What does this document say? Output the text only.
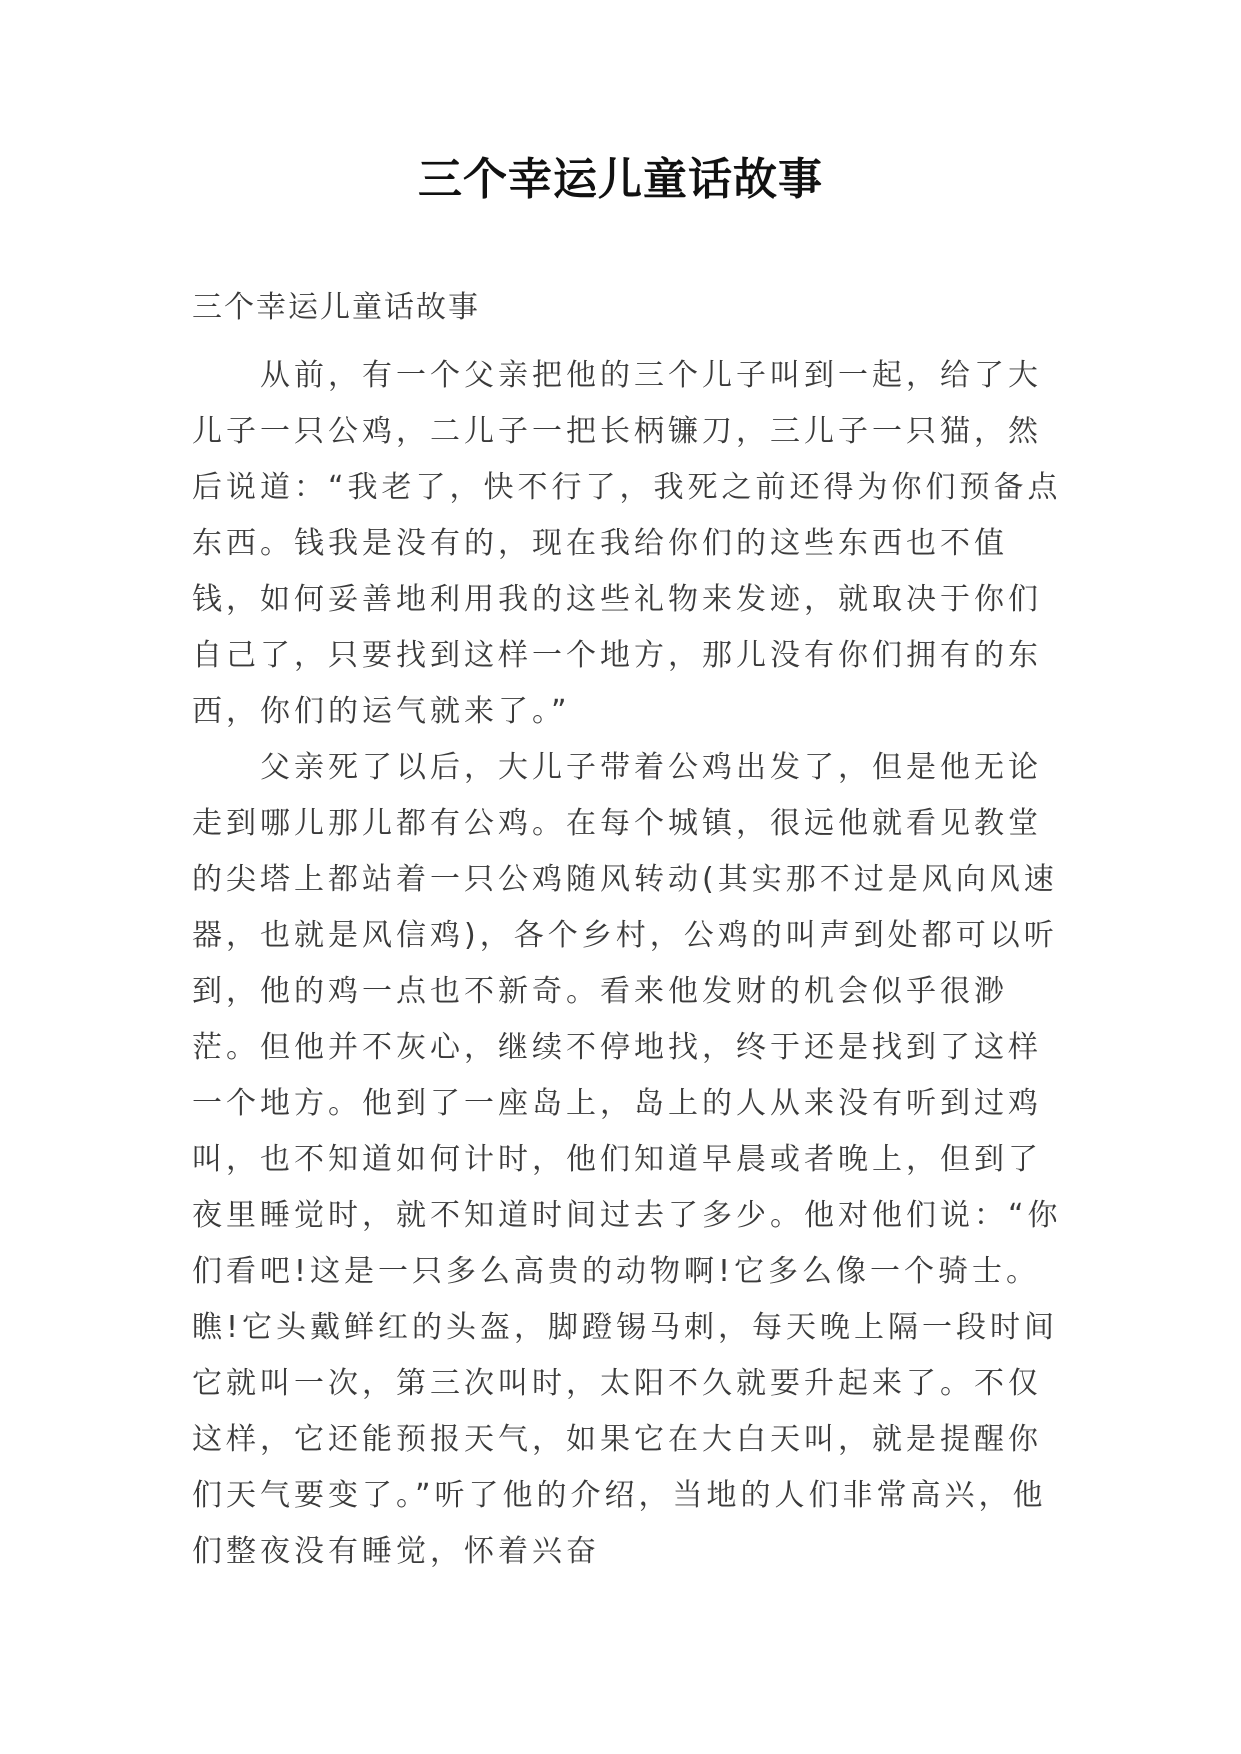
三个幸运儿童话故事
三个幸运儿童话故事

从前，有一个父亲把他的三个儿子叫到一起，给了大儿子一只公鸡，二儿子一把长柄镰刀，三儿子一只猫，然后说道：“我老了，快不行了，我死之前还得为你们预备点东西。钱我是没有的，现在我给你们的这些东西也不值钱，如何妥善地利用我的这些礼物来发迹，就取决于你们自己了，只要找到这样一个地方，那儿没有你们拥有的东西，你们的运气就来了。”

父亲死了以后，大儿子带着公鸡出发了，但是他无论走到哪儿那儿都有公鸡。在每个城镇，很远他就看见教堂的尖塔上都站着一只公鸡随风转动(其实那不过是风向风速器，也就是风信鸡)，各个乡村，公鸡的叫声到处都可以听到，他的鸡一点也不新奇。看来他发财的机会似乎很渺茫。但他并不灰心，继续不停地找，终于还是找到了这样一个地方。他到了一座岛上，岛上的人从来没有听到过鸡叫，也不知道如何计时，他们知道早晨或者晚上，但到了夜里睡觉时，就不知道时间过去了多少。他对他们说：“你们看吧!这是一只多么高贵的动物啊!它多么像一个骑士。瞧!它头戴鲜红的头盔，脚蹬锡马刺，每天晚上隔一段时间它就叫一次，第三次叫时，太阳不久就要升起来了。不仅这样，它还能预报天气，如果它在大白天叫，就是提醒你们天气要变了。”听了他的介绍，当地的人们非常高兴，他们整夜没有睡觉，怀着兴奋
